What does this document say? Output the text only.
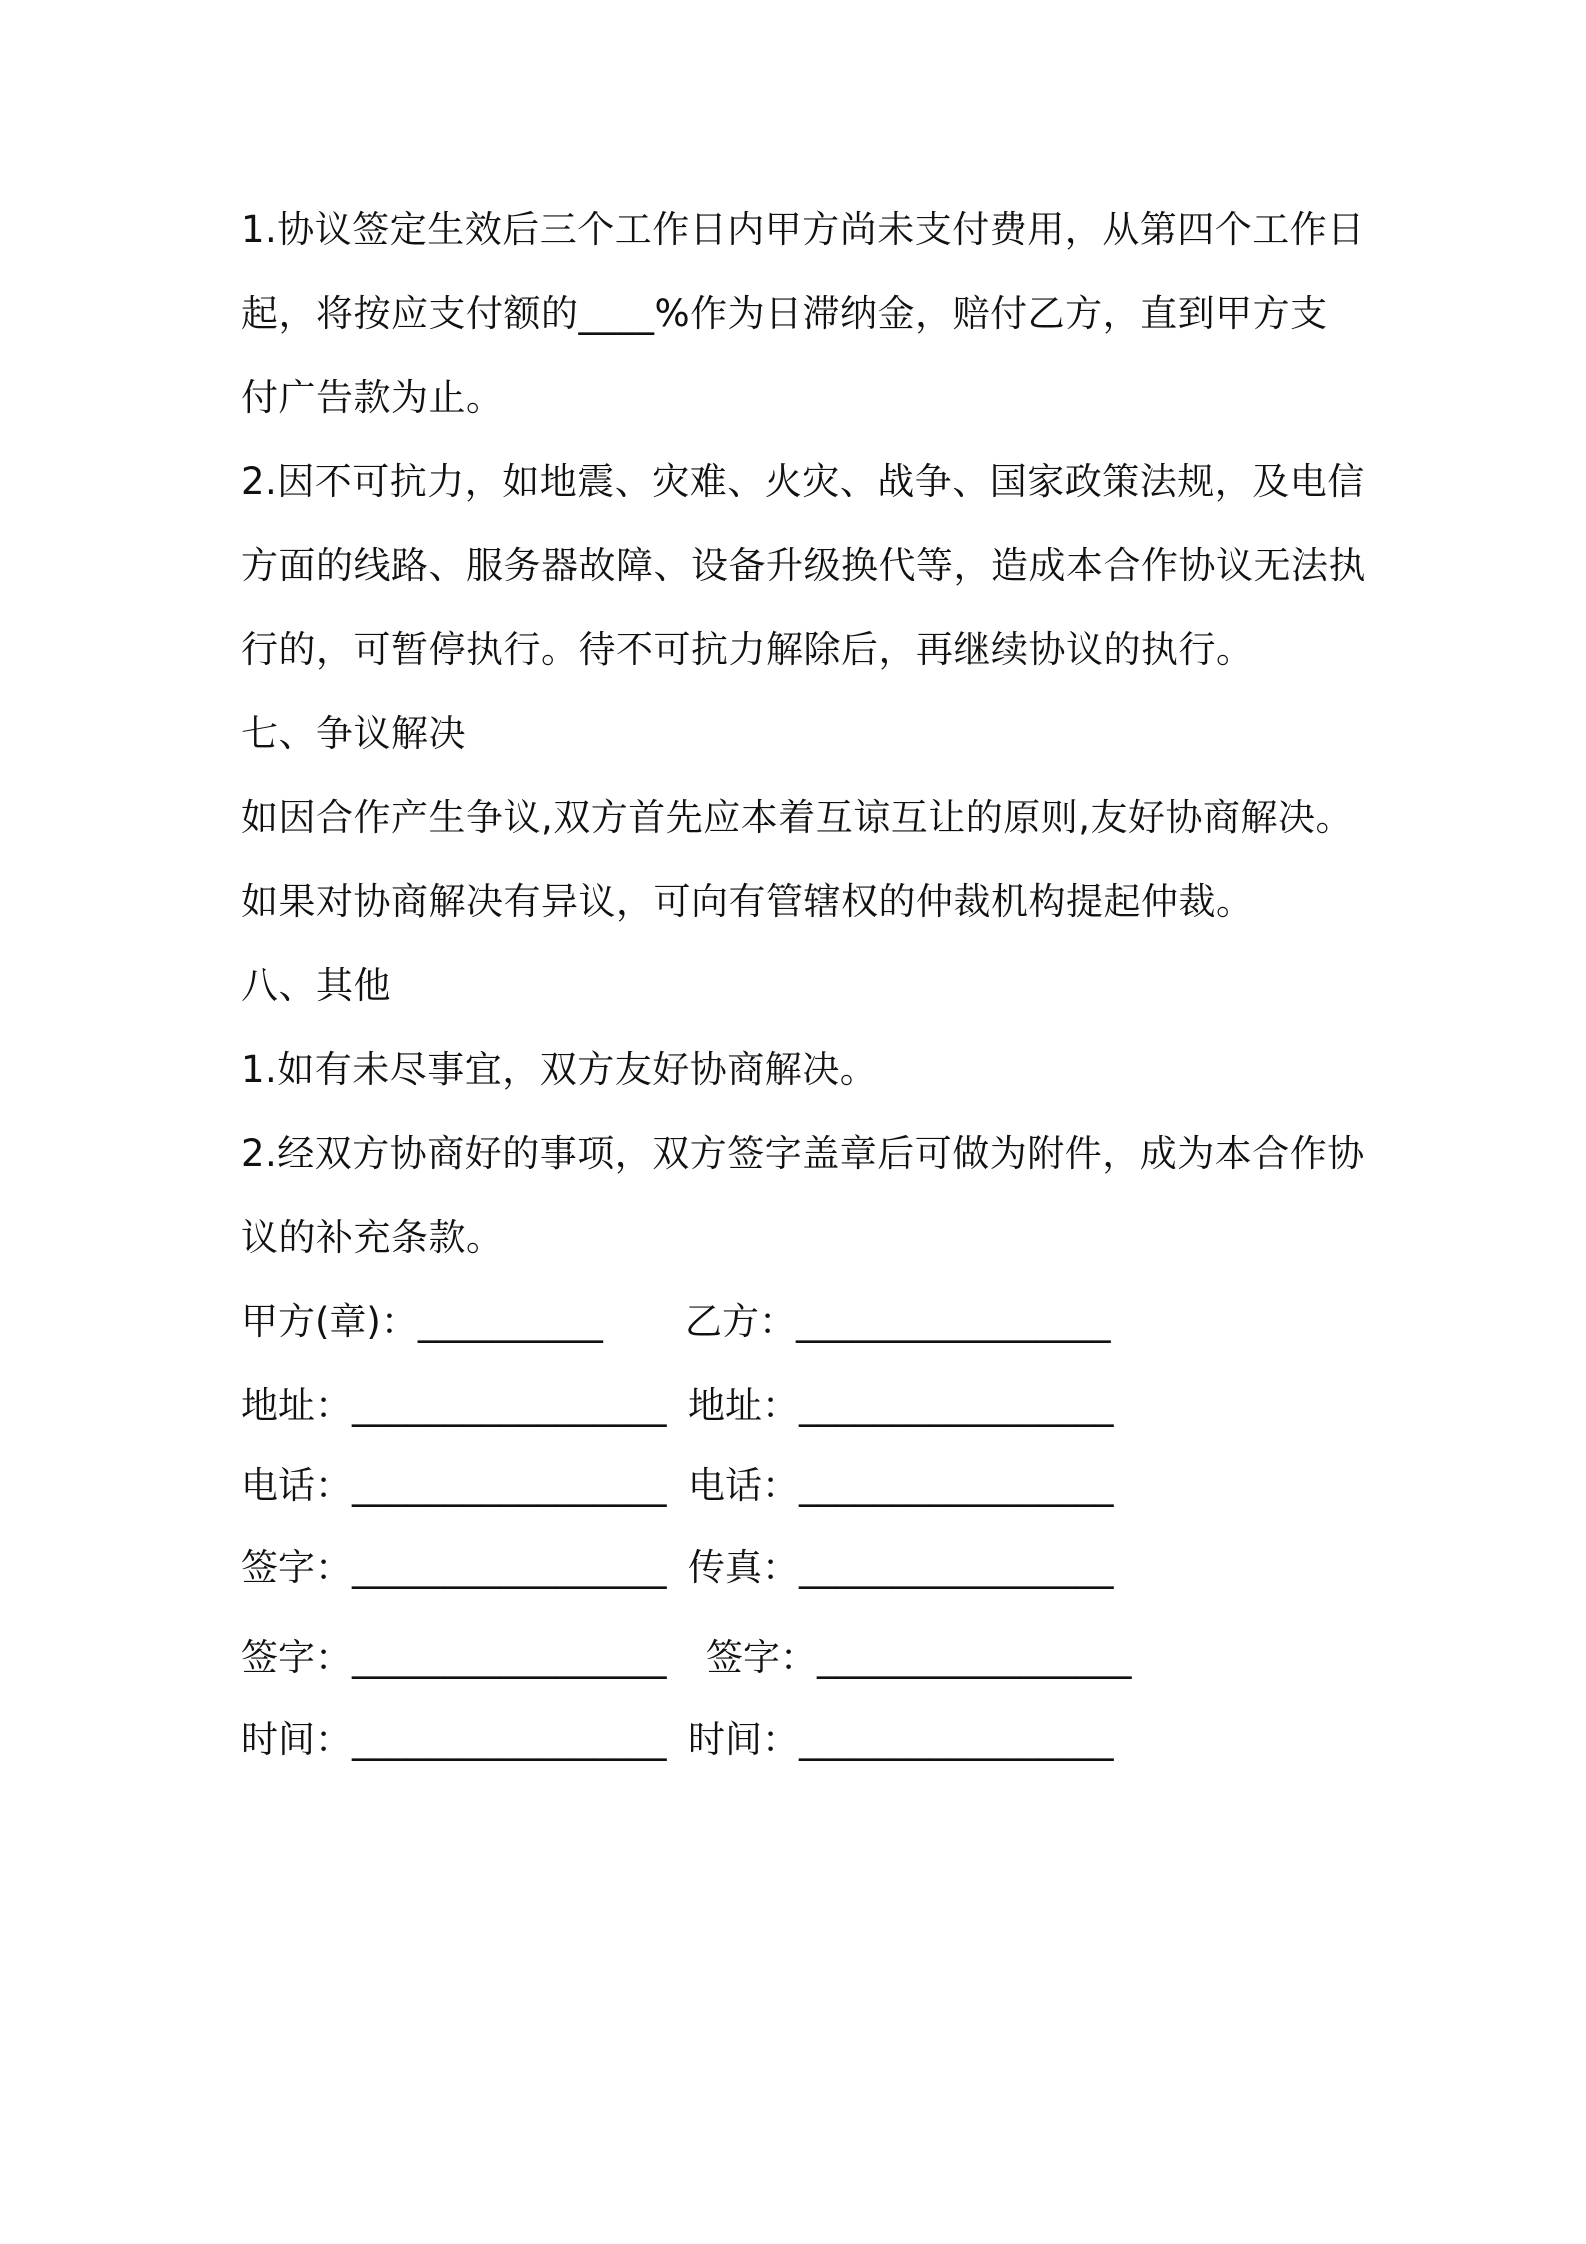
1.协议签定生效后三个工作日内甲方尚未支付费用，从第四个工作日
起，将按应支付额的____%作为日滞纳金，赔付乙方，直到甲方支
付广告款为止。
2.因不可抗力，如地震、灾难、火灾、战争、国家政策法规，及电信
方面的线路、服务器故障、设备升级换代等，造成本合作协议无法执
行的，可暂停执行。待不可抗力解除后，再继续协议的执行。
七、争议解决
如因合作产生争议,双方首先应本着互谅互让的原则,友好协商解决。
如果对协商解决有异议，可向有管辖权的仲裁机构提起仲裁。
八、其他
1.如有未尽事宜，双方友好协商解决。
2.经双方协商好的事项，双方签字盖章后可做为附件，成为本合作协
议的补充条款。
甲方(章)：__________ 乙方：_________________
地址：_________________ 地址：_________________
电话：_________________ 电话：_________________
签字：_________________ 传真：_________________
签字：_________________ 签字：_________________
时间：_________________ 时间：_________________
